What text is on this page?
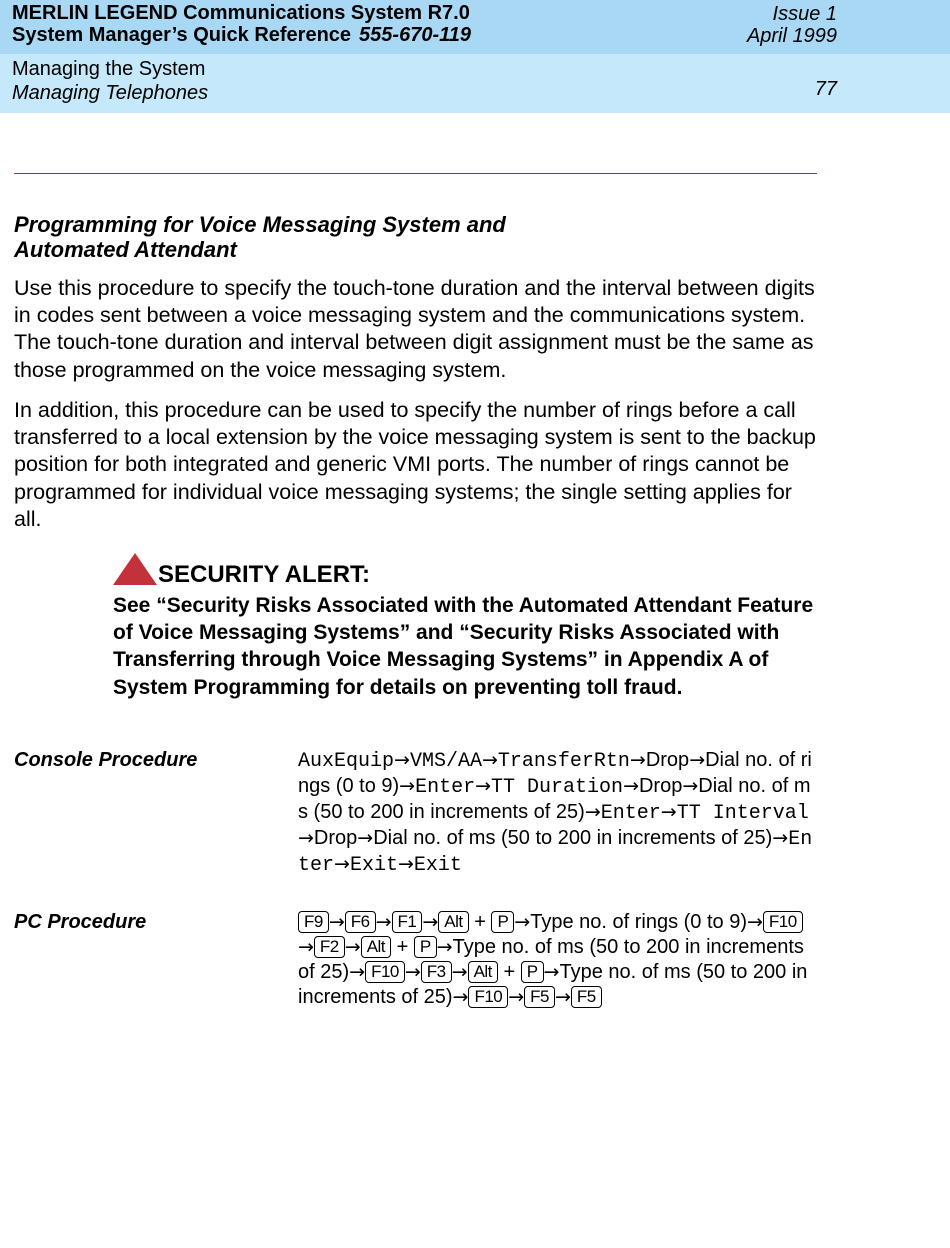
MERLIN LEGEND Communications System R7.0
System Manager’s Quick Reference 555-670-119
Issue 1
April 1999
Managing the System
Managing Telephones	77
Programming for Voice Messaging System and Automated Attendant

Use this procedure to specify the touch-tone duration and the interval between digits in codes sent between a voice messaging system and the communications system. The touch-tone duration and interval between digit assignment must be the same as those programmed on the voice messaging system.

In addition, this procedure can be used to specify the number of rings before a call transferred to a local extension by the voice messaging system is sent to the backup position for both integrated and generic VMI ports. The number of rings cannot be programmed for individual voice messaging systems; the single setting applies for all.

SECURITY ALERT:
See “Security Risks Associated with the Automated Attendant Feature of Voice Messaging Systems” and “Security Risks Associated with Transferring through Voice Messaging Systems” in Appendix A of System Programming for details on preventing toll fraud.
Console Procedure	AuxEquip→VMS/AA→TransferRtn→Drop→Dial no. of rings (0 to 9)→Enter→TT Duration→Drop→Dial no. of ms (50 to 200 in increments of 25)→Enter→TT Interval→Drop→Dial no. of ms (50 to 200 in increments of 25)→Enter→Exit→Exit
PC Procedure	F9 → F6 → F1 → Alt + P →Type no. of rings (0 to 9)→ F10→ F2 → Alt + P →Type no. of ms (50 to 200 in increments of 25)→ F10 → F3 → Alt + P →Type no. of ms (50 to 200 in increments of 25)→ F10 → F5 → F5
